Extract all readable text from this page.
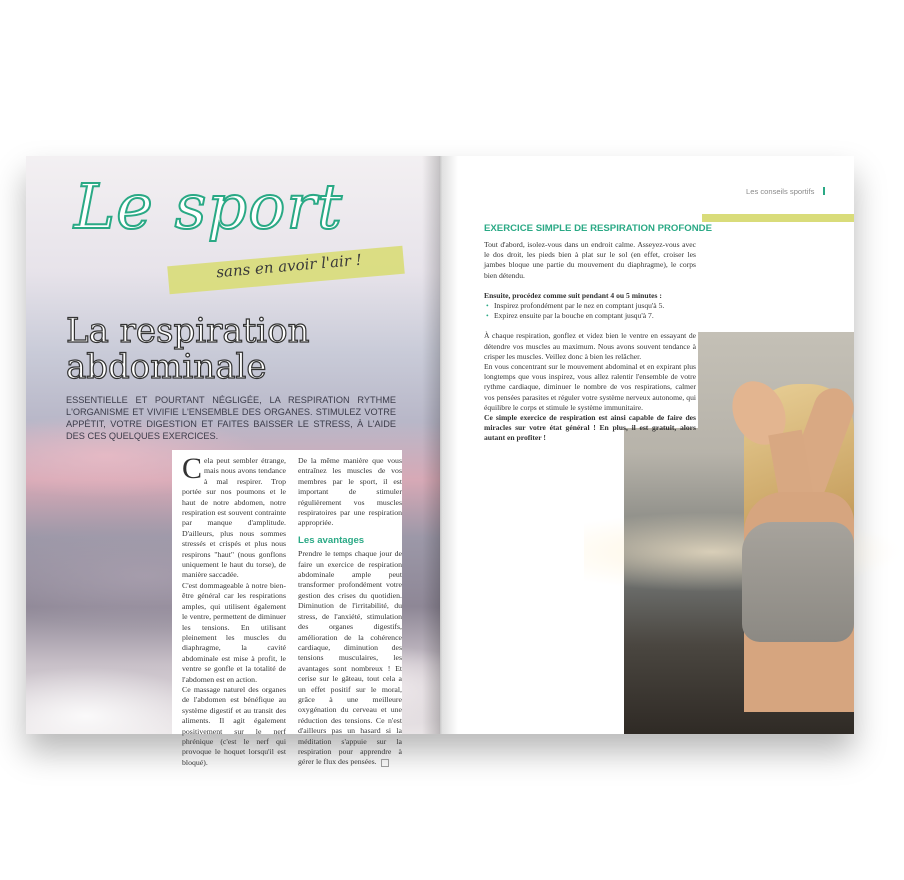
Le sport
sans en avoir l'air !
La respiration
abdominale
ESSENTIELLE ET POURTANT NÉGLIGÉE, LA RESPIRATION RYTHME L'ORGANISME ET VIVIFIE L'ENSEMBLE DES ORGANES. STIMULEZ VOTRE APPÉTIT, VOTRE DIGESTION ET FAITES BAISSER LE STRESS, À L'AIDE DES CES QUELQUES EXERCICES.

Cela peut sembler étrange, mais nous avons tendance à mal respirer. Trop portée sur nos poumons et le haut de notre abdomen, notre respiration est souvent contrainte par manque d'amplitude. D'ailleurs, plus nous sommes stressés et crispés et plus nous respirons "haut" (nous gonflons uniquement le haut du torse), de manière saccadée.

C'est dommageable à notre bien-être général car les respirations amples, qui utilisent également le ventre, permettent de diminuer les tensions. En utilisant pleinement les muscles du diaphragme, la cavité abdominale est mise à profit, le ventre se gonfle et la totalité de l'abdomen est en action.

Ce massage naturel des organes de l'abdomen est bénéfique au système digestif et au transit des aliments. Il agit également positivement sur le nerf phrénique (c'est le nerf qui provoque le hoquet lorsqu'il est bloqué).

De la même manière que vous entraînez les muscles de vos membres par le sport, il est important de stimuler régulièrement vos muscles respiratoires par une respiration appropriée.

Les avantages

Prendre le temps chaque jour de faire un exercice de respiration abdominale ample peut transformer profondément votre gestion des crises du quotidien. Diminution de l'irritabilité, du stress, de l'anxiété, stimulation des organes digestifs, amélioration de la cohérence cardiaque, diminution des tensions musculaires, les avantages sont nombreux ! Et cerise sur le gâteau, tout cela a un effet positif sur le moral, grâce à une meilleure oxygénation du cerveau et une réduction des tensions. Ce n'est d'ailleurs pas un hasard si la méditation s'appuie sur la respiration pour apprendre à gérer le flux des pensées.

Les conseils sportifs
EXERCICE SIMPLE DE RESPIRATION PROFONDE

Tout d'abord, isolez-vous dans un endroit calme. Asseyez-vous avec le dos droit, les pieds bien à plat sur le sol (en effet, croiser les jambes bloque une partie du mouvement du diaphragme), le corps bien détendu.

Ensuite, procédez comme suit pendant 4 ou 5 minutes :

• Inspirez profondément par le nez en comptant jusqu'à 5.
• Expirez ensuite par la bouche en comptant jusqu'à 7.

À chaque respiration, gonflez et videz bien le ventre en essayant de détendre vos muscles au maximum. Nous avons souvent tendance à crisper les muscles. Veillez donc à bien les relâcher.

En vous concentrant sur le mouvement abdominal et en expirant plus longtemps que vous inspirez, vous allez ralentir l'ensemble de votre rythme cardiaque, diminuer le nombre de vos respirations, calmer vos pensées parasites et réguler votre système nerveux autonome, qui équilibre le corps et stimule le système immunitaire.

Ce simple exercice de respiration est ainsi capable de faire des miracles sur votre état général ! En plus, il est gratuit, alors autant en profiter !
